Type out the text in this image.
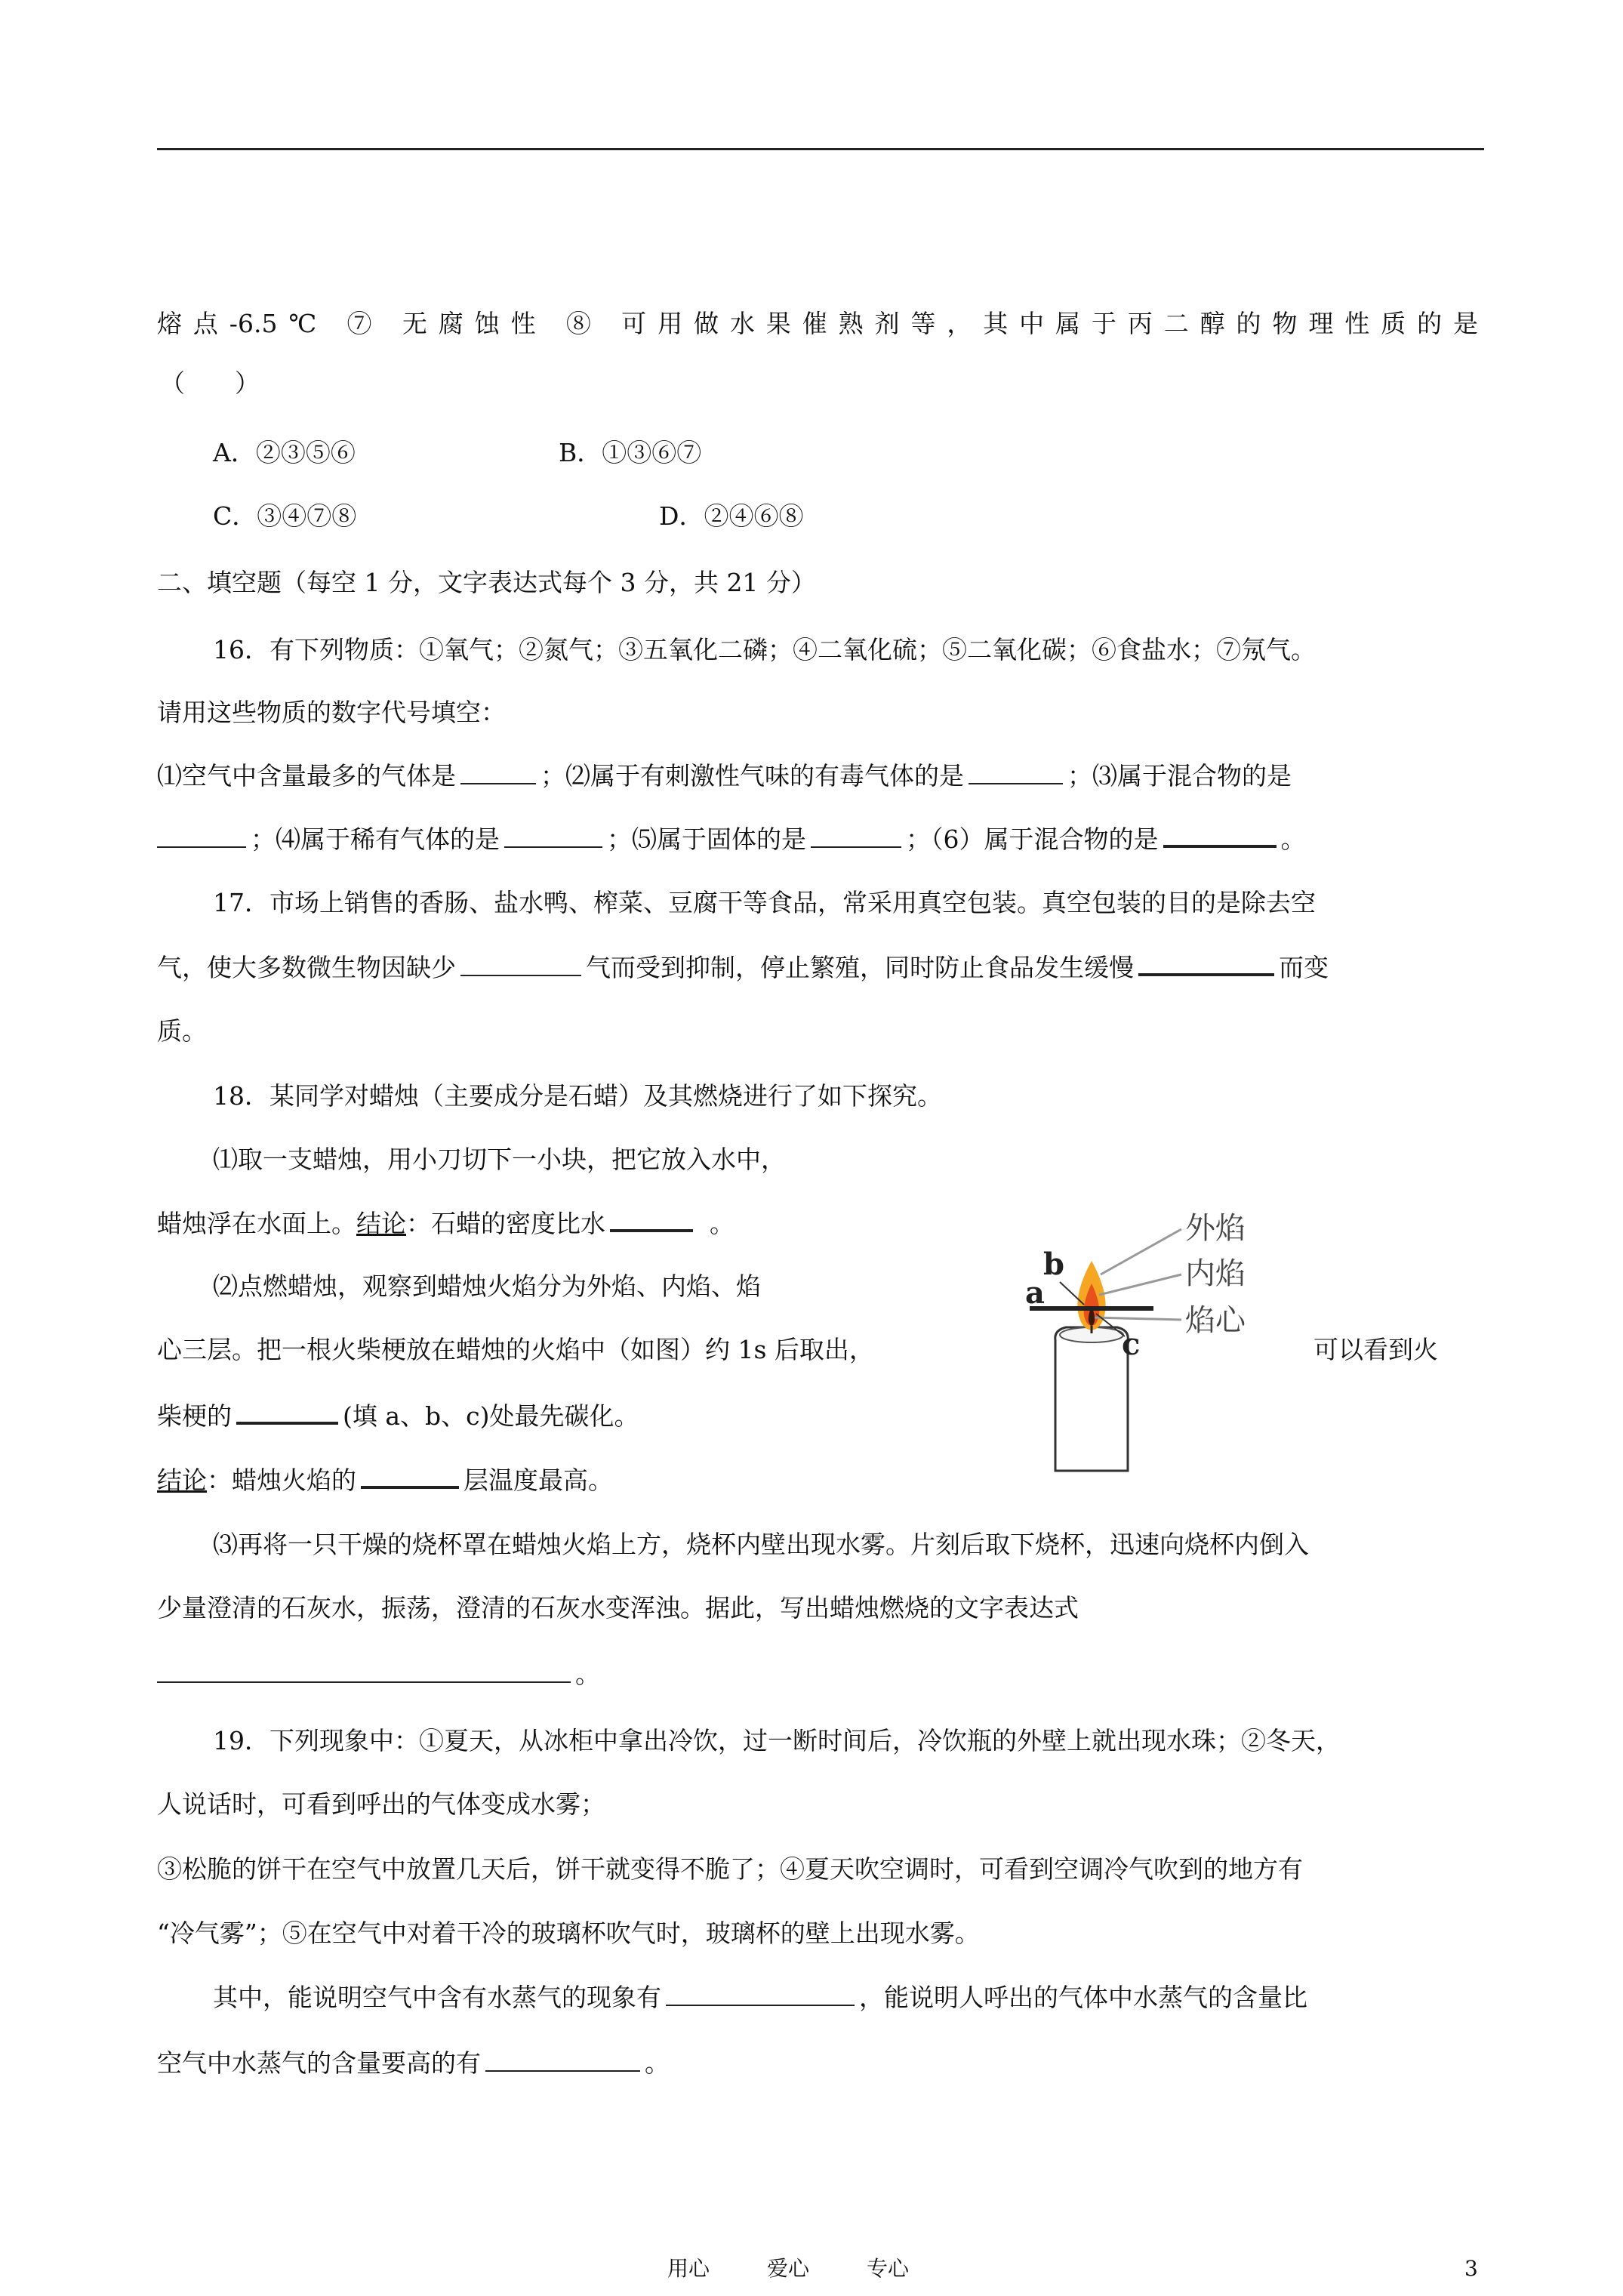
熔点-6.5℃ ⑦ 无腐蚀性 ⑧ 可用做水果催熟剂等，其中属于丙二醇的物理性质的是
（　　）
A．②③⑤⑥	B．①③⑥⑦
C．③④⑦⑧	D．②④⑥⑧
二、填空题（每空 1 分，文字表达式每个 3 分，共 21 分）
16．有下列物质：①氧气；②氮气；③五氧化二磷；④二氧化硫；⑤二氧化碳；⑥食盐水；⑦氖气。
请用这些物质的数字代号填空：
⑴空气中含量最多的气体是	；⑵属于有刺激性气味的有毒气体的是	；⑶属于混合物的是
；⑷属于稀有气体的是	；⑸属于固体的是	；（6）属于混合物的是	。
17．市场上销售的香肠、盐水鸭、榨菜、豆腐干等食品，常采用真空包装。真空包装的目的是除去空
气，使大多数微生物因缺少	气而受到抑制，停止繁殖，同时防止食品发生缓慢	而变
质。
18．某同学对蜡烛（主要成分是石蜡）及其燃烧进行了如下探究。
⑴取一支蜡烛，用小刀切下一小块，把它放入水中，
蜡烛浮在水面上。结论：石蜡的密度比水	。
⑵点燃蜡烛，观察到蜡烛火焰分为外焰、内焰、焰
心三层。把一根火柴梗放在蜡烛的火焰中（如图）约 1s 后取出，	可以看到火
柴梗的	(填 a、b、c)处最先碳化。
结论：蜡烛火焰的	层温度最高。
⑶再将一只干燥的烧杯罩在蜡烛火焰上方，烧杯内壁出现水雾。片刻后取下烧杯，迅速向烧杯内倒入
少量澄清的石灰水，振荡，澄清的石灰水变浑浊。据此，写出蜡烛燃烧的文字表达式
。
外焰
内焰
焰心
b
a
c
19．下列现象中：①夏天，从冰柜中拿出冷饮，过一断时间后，冷饮瓶的外壁上就出现水珠；②冬天，
人说话时，可看到呼出的气体变成水雾；
③松脆的饼干在空气中放置几天后，饼干就变得不脆了；④夏天吹空调时，可看到空调冷气吹到的地方有
“冷气雾”；⑤在空气中对着干冷的玻璃杯吹气时，玻璃杯的壁上出现水雾。
其中，能说明空气中含有水蒸气的现象有	，能说明人呼出的气体中水蒸气的含量比
空气中水蒸气的含量要高的有	。
用心	爱心	专心	3
